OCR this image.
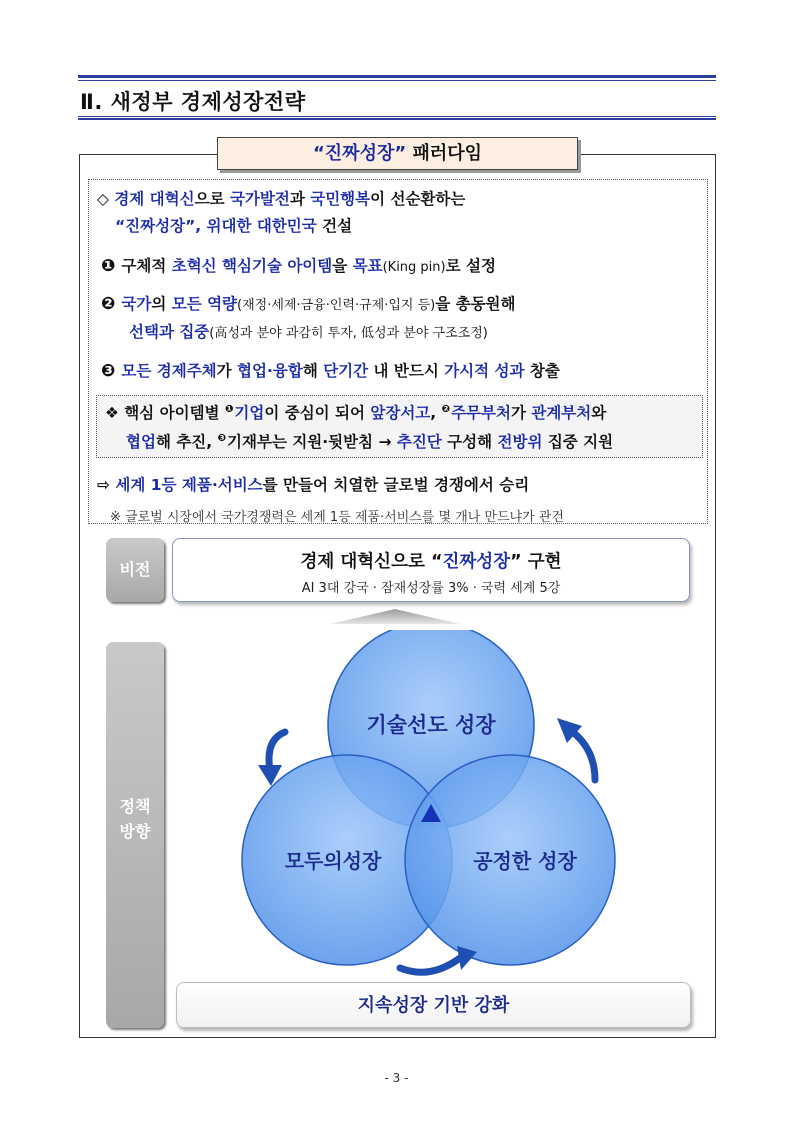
Ⅱ. 새정부 경제성장전략
“진짜성장” 패러다임
◇ 경제 대혁신으로 국가발전과 국민행복이 선순환하는
“진짜성장”, 위대한 대한민국 건설
❶ 구체적 초혁신 핵심기술 아이템을 목표(King pin)로 설정
❷ 국가의 모든 역량(재정·세제·금융·인력·규제·입지 등)을 총동원해
선택과 집중(高성과 분야 과감히 투자, 低성과 분야 구조조정)
❸ 모든 경제주체가 협업·융합해 단기간 내 반드시 가시적 성과 창출
❖ 핵심 아이템별 $^❶$기업이 중심이 되어 앞장서고, $^❷$주무부처가 관계부처와
협업해 추진, $^❸$기재부는 지원·뒷받침 → 추진단 구성해 전방위 집중 지원
⇨ 세계 1등 제품·서비스를 만들어 치열한 글로벌 경쟁에서 승리
※ 글로벌 시장에서 국가경쟁력은 세계 1등 제품·서비스를 몇 개나 만드냐가 관건
비전	경제 대혁신으로 “진짜성장” 구현
AI 3대 강국 · 잠재성장률 3% · 국력 세계 5강
정책
방향
기술선도 성장
모두의성장	공정한 성장
지속성장 기반 강화
- 3 -
